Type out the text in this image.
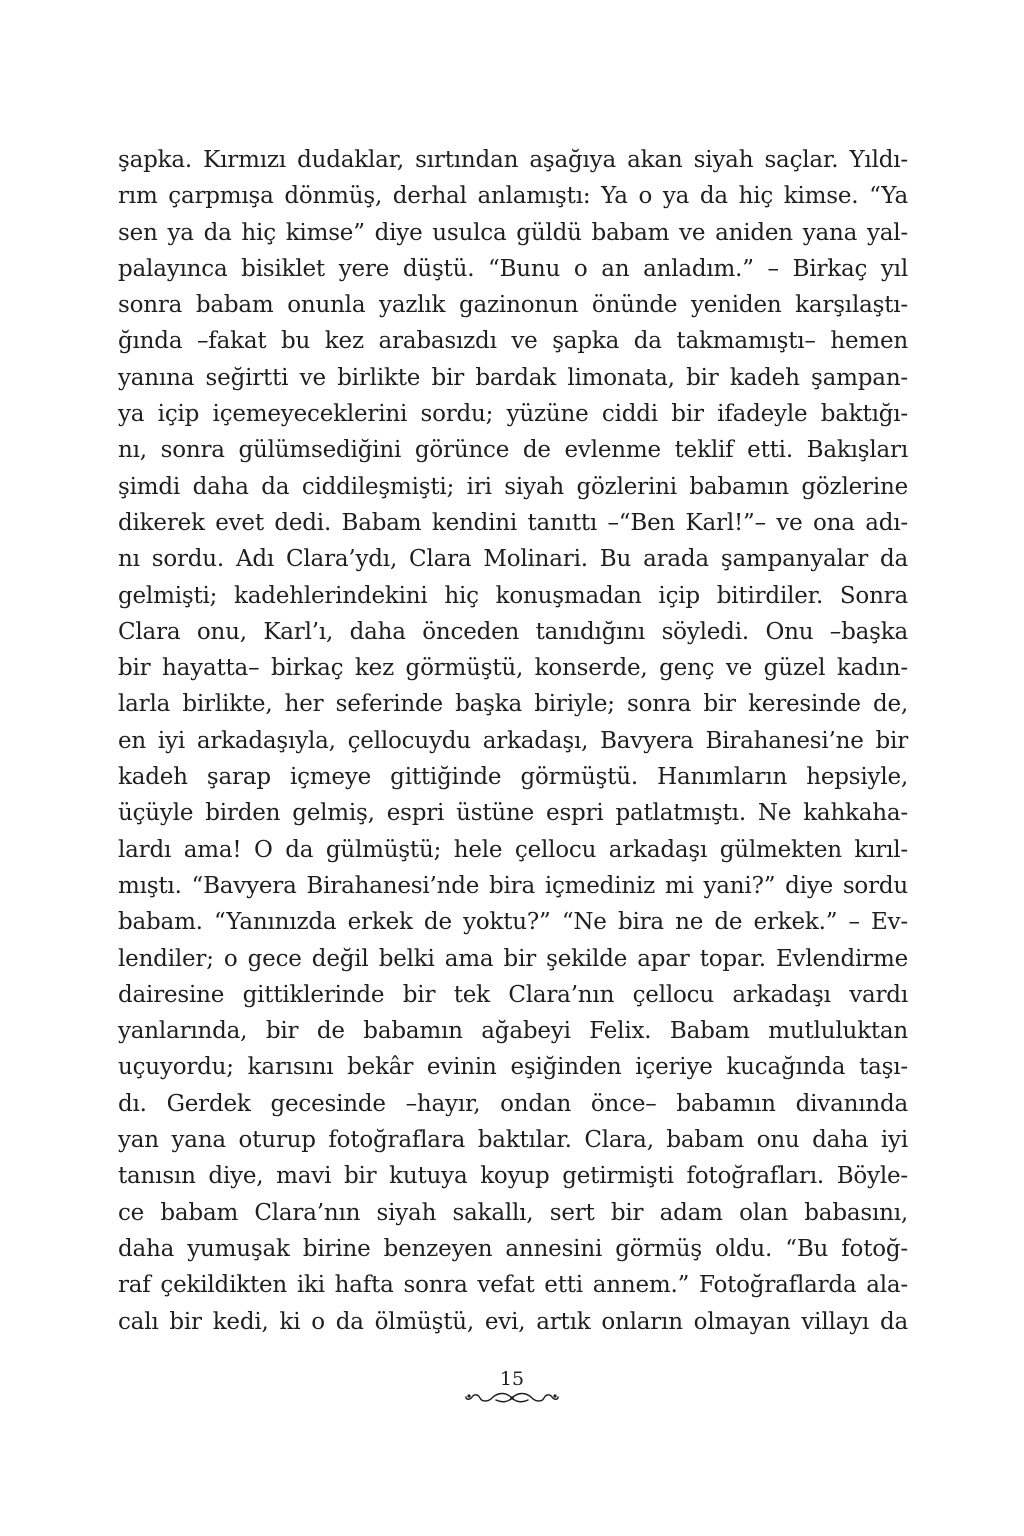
şapka. Kırmızı dudaklar, sırtından aşağıya akan siyah saçlar. Yıldı-
rım çarpmışa dönmüş, derhal anlamıştı: Ya o ya da hiç kimse. “Ya
sen ya da hiç kimse” diye usulca güldü babam ve aniden yana yal-
palayınca bisiklet yere düştü. “Bunu o an anladım.” – Birkaç yıl
sonra babam onunla yazlık gazinonun önünde yeniden karşılaştı-
ğında –fakat bu kez arabasızdı ve şapka da takmamıştı– hemen
yanına seğirtti ve birlikte bir bardak limonata, bir kadeh şampan-
ya içip içemeyeceklerini sordu; yüzüne ciddi bir ifadeyle baktığı-
nı, sonra gülümsediğini görünce de evlenme teklif etti. Bakışları
şimdi daha da ciddileşmişti; iri siyah gözlerini babamın gözlerine
dikerek evet dedi. Babam kendini tanıttı –“Ben Karl!”– ve ona adı-
nı sordu. Adı Clara’ydı, Clara Molinari. Bu arada şampanyalar da
gelmişti; kadehlerindekini hiç konuşmadan içip bitirdiler. Sonra
Clara onu, Karl’ı, daha önceden tanıdığını söyledi. Onu –başka
bir hayatta– birkaç kez görmüştü, konserde, genç ve güzel kadın-
larla birlikte, her seferinde başka biriyle; sonra bir keresinde de,
en iyi arkadaşıyla, çellocuydu arkadaşı, Bavyera Birahanesi’ne bir
kadeh şarap içmeye gittiğinde görmüştü. Hanımların hepsiyle,
üçüyle birden gelmiş, espri üstüne espri patlatmıştı. Ne kahkaha-
lardı ama! O da gülmüştü; hele çellocu arkadaşı gülmekten kırıl-
mıştı. “Bavyera Birahanesi’nde bira içmediniz mi yani?” diye sordu
babam. “Yanınızda erkek de yoktu?” “Ne bira ne de erkek.” – Ev-
lendiler; o gece değil belki ama bir şekilde apar topar. Evlendirme
dairesine gittiklerinde bir tek Clara’nın çellocu arkadaşı vardı
yanlarında, bir de babamın ağabeyi Felix. Babam mutluluktan
uçuyordu; karısını bekâr evinin eşiğinden içeriye kucağında taşı-
dı. Gerdek gecesinde –hayır, ondan önce– babamın divanında
yan yana oturup fotoğraflara baktılar. Clara, babam onu daha iyi
tanısın diye, mavi bir kutuya koyup getirmişti fotoğrafları. Böyle-
ce babam Clara’nın siyah sakallı, sert bir adam olan babasını,
daha yumuşak birine benzeyen annesini görmüş oldu. “Bu fotoğ-
raf çekildikten iki hafta sonra vefat etti annem.” Fotoğraflarda ala-
calı bir kedi, ki o da ölmüştü, evi, artık onların olmayan villayı da
15
